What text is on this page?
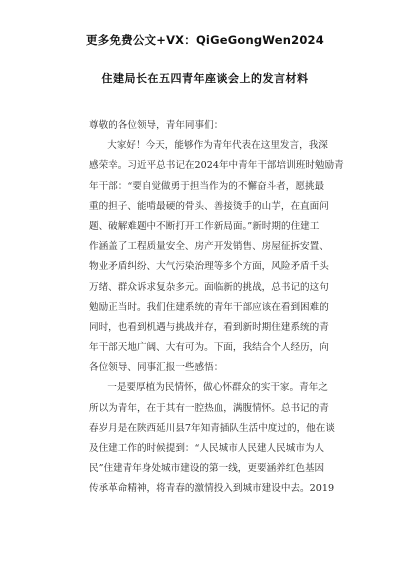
更多免费公文+VX：QiGeGongWen2024
住建局长在五四青年座谈会上的发言材料
尊敬的各位领导，青年同事们：

大家好！今天，能够作为青年代表在这里发言，我深
感荣幸。习近平总书记在2024年中青年干部培训班时勉励青
年干部：“要自觉做勇于担当作为的不懈奋斗者，愿挑最
重的担子、能啃最硬的骨头、善接烫手的山芋，在直面问
题、破解难题中不断打开工作新局面。”新时期的住建工
作涵盖了工程质量安全、房产开发销售、房屋征拆安置、
物业矛盾纠纷、大气污染治理等多个方面，风险矛盾千头
万绪、群众诉求复杂多元。面临新的挑战，总书记的这句
勉励正当时。我们住建系统的青年干部应该在看到困难的
同时，也看到机遇与挑战并存，看到新时期住建系统的青
年干部天地广阔、大有可为。下面，我结合个人经历，向
各位领导、同事汇报一些感悟：

一是要厚植为民情怀，做心怀群众的实干家。青年之
所以为青年，在于其有一腔热血，满腹情怀。总书记的青
春岁月是在陕西延川县7年知青插队生活中度过的，他在谈
及住建工作的时候提到：“人民城市人民建人民城市为人
民”住建青年身处城市建设的第一线，更要涵养红色基因
传承革命精神，将青春的激情投入到城市建设中去。2019
